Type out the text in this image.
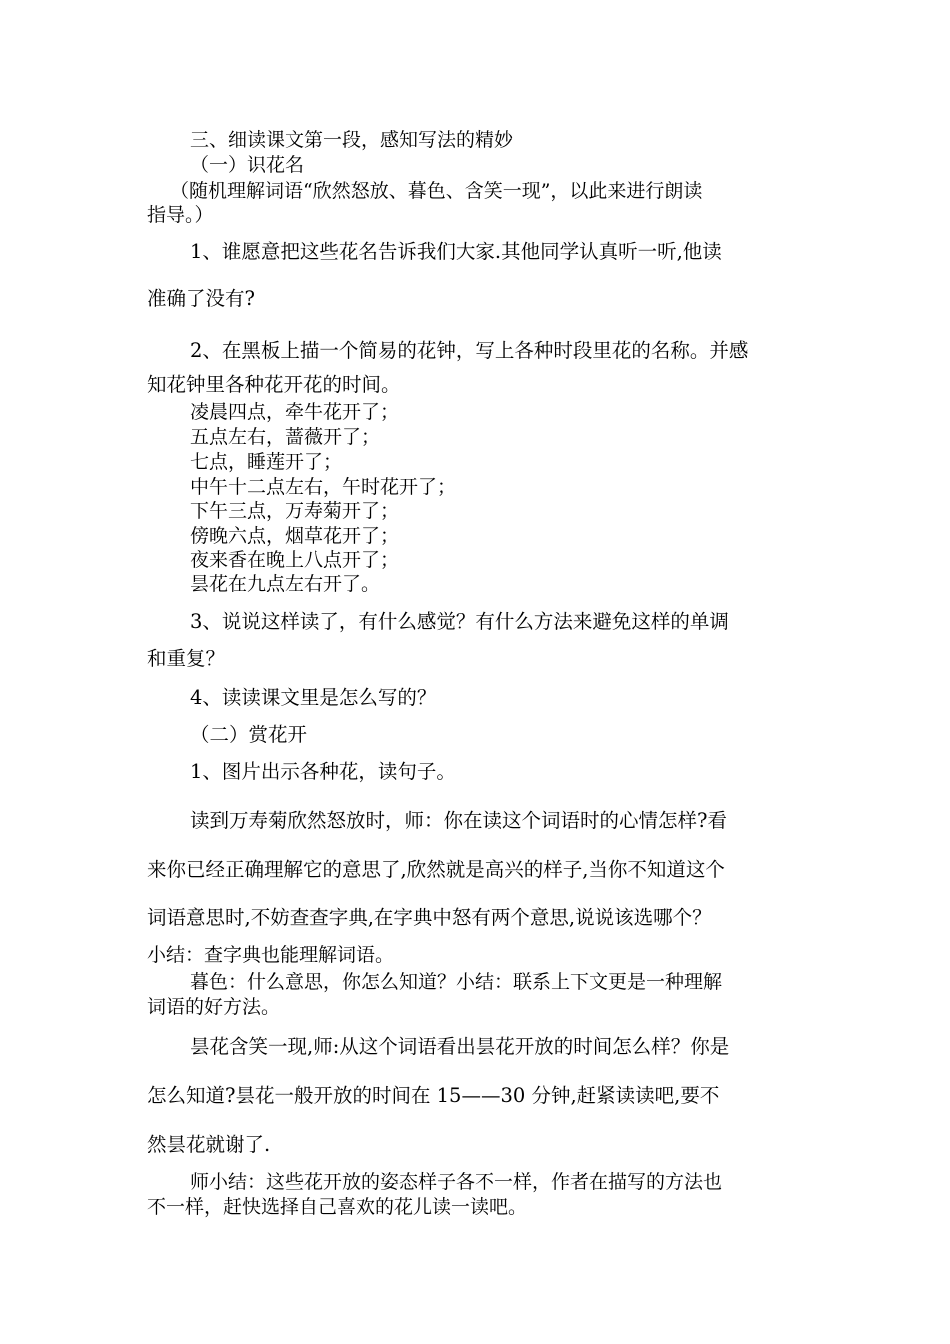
三、细读课文第一段，感知写法的精妙
（一）识花名
（随机理解词语“欣然怒放、暮色、含笑一现”，以此来进行朗读
指导。）
1、谁愿意把这些花名告诉我们大家.其他同学认真听一听,他读
准确了没有?
2、在黑板上描一个简易的花钟，写上各种时段里花的名称。并感
知花钟里各种花开花的时间。
凌晨四点，牵牛花开了；
五点左右，蔷薇开了；
七点，睡莲开了；
中午十二点左右，午时花开了；
下午三点，万寿菊开了；
傍晚六点，烟草花开了；
夜来香在晚上八点开了；
昙花在九点左右开了。
3、说说这样读了，有什么感觉？有什么方法来避免这样的单调
和重复？
4、读读课文里是怎么写的？
（二）赏花开
1、图片出示各种花，读句子。
读到万寿菊欣然怒放时，师：你在读这个词语时的心情怎样?看
来你已经正确理解它的意思了,欣然就是高兴的样子,当你不知道这个
词语意思时,不妨查查字典,在字典中怒有两个意思,说说该选哪个？
小结：查字典也能理解词语。
暮色：什么意思，你怎么知道？小结：联系上下文更是一种理解
词语的好方法。
昙花含笑一现,师:从这个词语看出昙花开放的时间怎么样？你是
怎么知道?昙花一般开放的时间在 15——30 分钟,赶紧读读吧,要不
然昙花就谢了.
师小结：这些花开放的姿态样子各不一样，作者在描写的方法也
不一样，赶快选择自己喜欢的花儿读一读吧。
